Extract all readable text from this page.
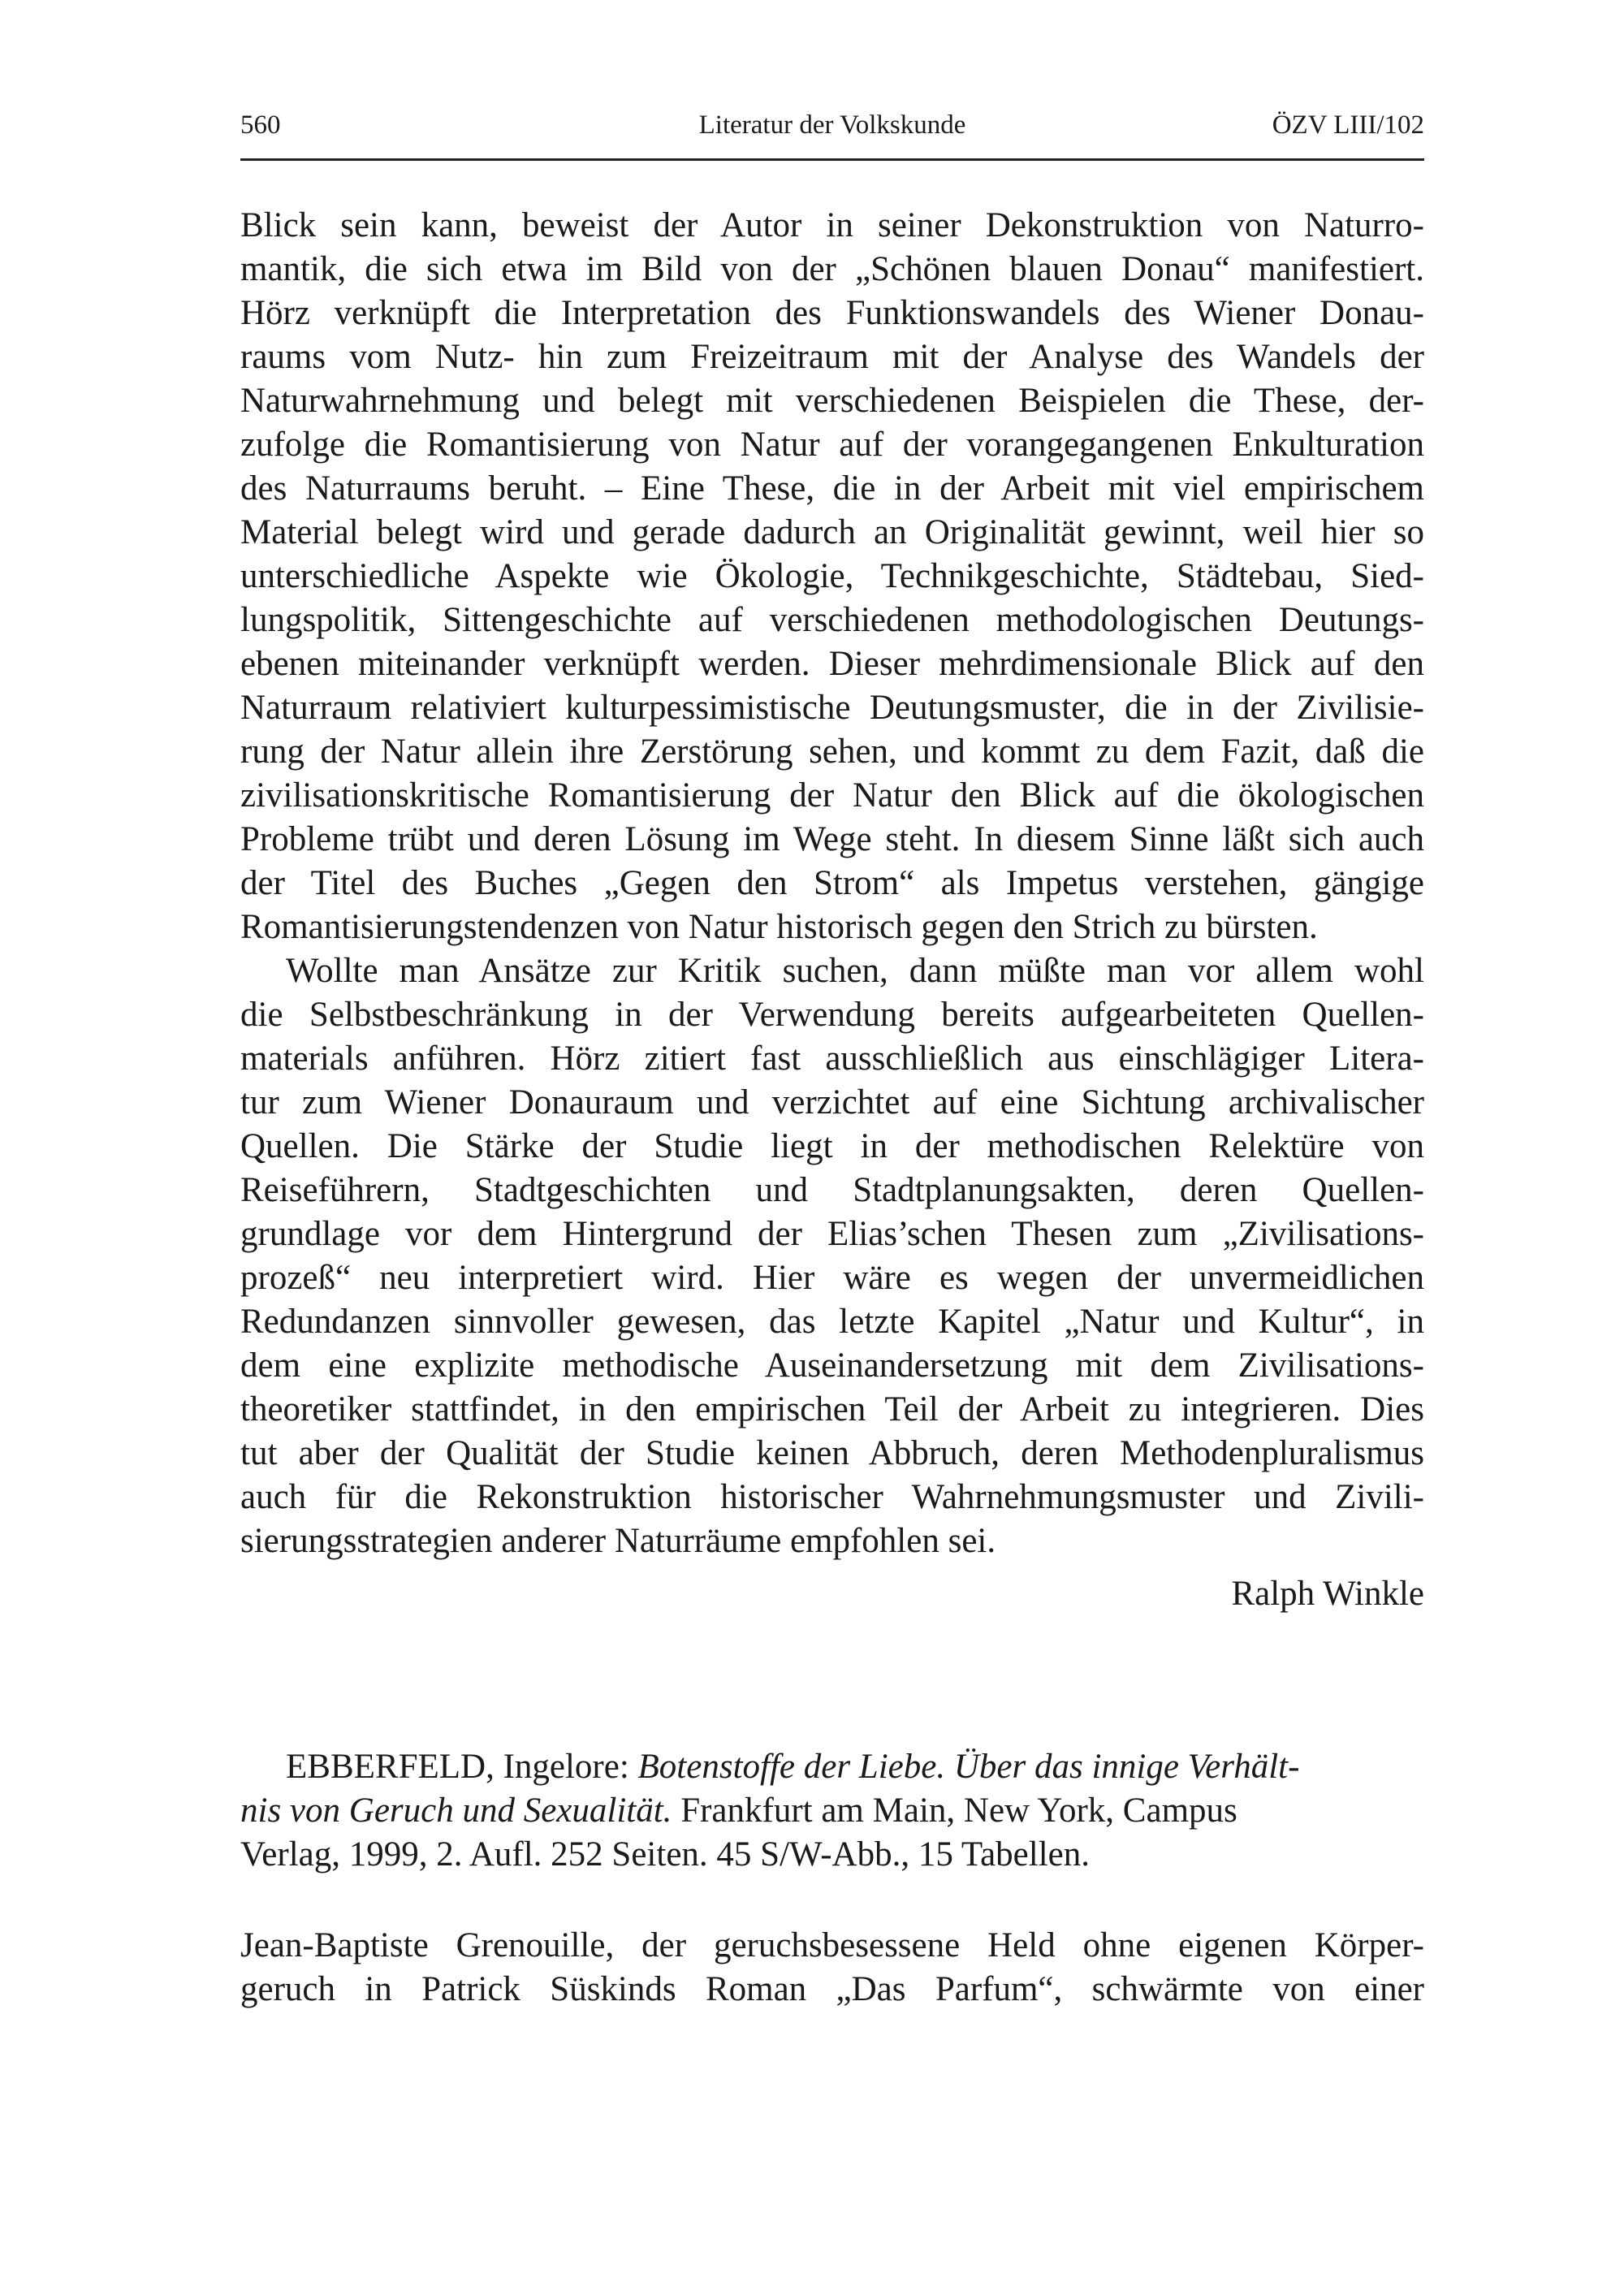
560	Literatur der Volkskunde	ÖZV LIII/102
Blick sein kann, beweist der Autor in seiner Dekonstruktion von Naturro-
mantik, die sich etwa im Bild von der „Schönen blauen Donau“ manifestiert.
Hörz verknüpft die Interpretation des Funktionswandels des Wiener Donau-
raums vom Nutz- hin zum Freizeitraum mit der Analyse des Wandels der
Naturwahrnehmung und belegt mit verschiedenen Beispielen die These, der-
zufolge die Romantisierung von Natur auf der vorangegangenen Enkulturation
des Naturraums beruht. – Eine These, die in der Arbeit mit viel empirischem
Material belegt wird und gerade dadurch an Originalität gewinnt, weil hier so
unterschiedliche Aspekte wie Ökologie, Technikgeschichte, Städtebau, Sied-
lungspolitik, Sittengeschichte auf verschiedenen methodologischen Deutungs-
ebenen miteinander verknüpft werden. Dieser mehrdimensionale Blick auf den
Naturraum relativiert kulturpessimistische Deutungsmuster, die in der Zivilisie-
rung der Natur allein ihre Zerstörung sehen, und kommt zu dem Fazit, daß die
zivilisationskritische Romantisierung der Natur den Blick auf die ökologischen
Probleme trübt und deren Lösung im Wege steht. In diesem Sinne läßt sich auch
der Titel des Buches „Gegen den Strom“ als Impetus verstehen, gängige
Romantisierungstendenzen von Natur historisch gegen den Strich zu bürsten.
Wollte man Ansätze zur Kritik suchen, dann müßte man vor allem wohl
die Selbstbeschränkung in der Verwendung bereits aufgearbeiteten Quellen-
materials anführen. Hörz zitiert fast ausschließlich aus einschlägiger Litera-
tur zum Wiener Donauraum und verzichtet auf eine Sichtung archivalischer
Quellen. Die Stärke der Studie liegt in der methodischen Relektüre von
Reiseführern, Stadtgeschichten und Stadtplanungsakten, deren Quellen-
grundlage vor dem Hintergrund der Elias’schen Thesen zum „Zivilisations-
prozeß“ neu interpretiert wird. Hier wäre es wegen der unvermeidlichen
Redundanzen sinnvoller gewesen, das letzte Kapitel „Natur und Kultur“, in
dem eine explizite methodische Auseinandersetzung mit dem Zivilisations-
theoretiker stattfindet, in den empirischen Teil der Arbeit zu integrieren. Dies
tut aber der Qualität der Studie keinen Abbruch, deren Methodenpluralismus
auch für die Rekonstruktion historischer Wahrnehmungsmuster und Zivili-
sierungsstrategien anderer Naturräume empfohlen sei.
Ralph Winkle
EBBERFELD, Ingelore: Botenstoffe der Liebe. Über das innige Verhält-
nis von Geruch und Sexualität. Frankfurt am Main, New York, Campus
Verlag, 1999, 2. Aufl. 252 Seiten. 45 S/W-Abb., 15 Tabellen.
Jean-Baptiste Grenouille, der geruchsbesessene Held ohne eigenen Körper-
geruch in Patrick Süskinds Roman „Das Parfum“, schwärmte von einer
